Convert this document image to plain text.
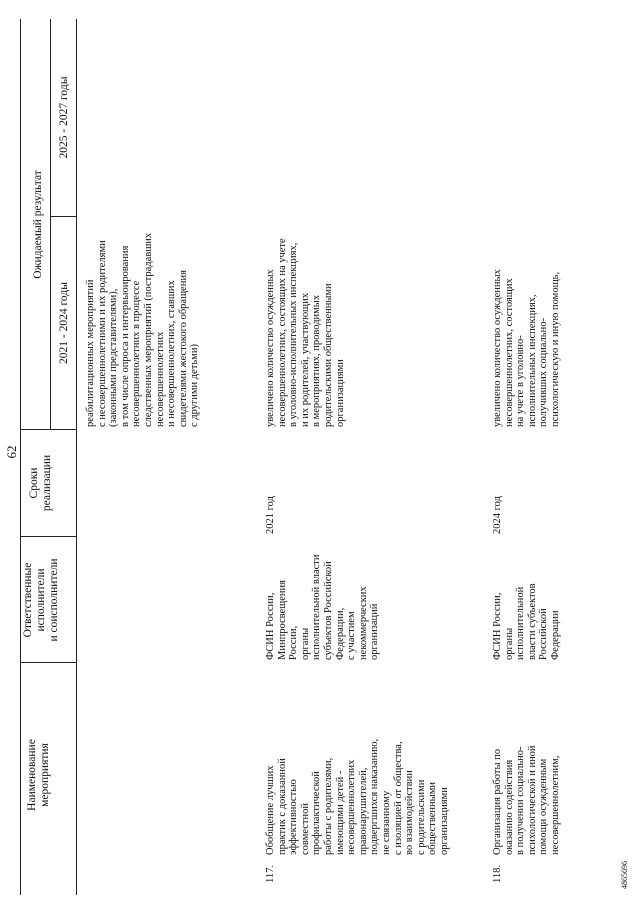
62
Наименование
мероприятия
Ответственные
исполнители
и соисполнители
Сроки
реализации
Ожидаемый результат
2021 - 2024 годы
2025 - 2027 годы
реабилитационных мероприятий
с несовершеннолетними и их родителями
(законными представителями),
в том числе опроса и интервьюирования
несовершеннолетних в процессе
следственных мероприятий (пострадавших
несовершеннолетних
и несовершеннолетних, ставших
свидетелями жестокого обращения
с другими детьми)
117.
Обобщение лучших
практик с доказанной
эффективностью
совместной
профилактической
работы с родителями,
имеющими детей -
несовершеннолетних
правонарушителей,
подвергшихся наказанию,
не связанному
с изоляцией от общества,
во взаимодействии
с родительскими
общественными
организациями
ФСИН России,
Минпросвещения
России,
органы
исполнительной власти
субъектов Российской
Федерации,
с участием
некоммерческих
организаций
2021 год
увеличено количество осужденных
несовершеннолетних, состоящих на учете
в уголовно-исполнительных инспекциях,
и их родителей, участвующих
в мероприятиях, проводимых
родительскими общественными
организациями
118.
Организация работы по
оказанию содействия
в получении социально-
психологической и иной
помощи осужденным
несовершеннолетним,
ФСИН России,
органы
исполнительной
власти субъектов
Российской
Федерации
2024 год
увеличено количество осужденных
несовершеннолетних, состоящих
на учете в уголовно-
исполнительных инспекциях,
получивших социально-
психологическую и иную помощь,
4865696
